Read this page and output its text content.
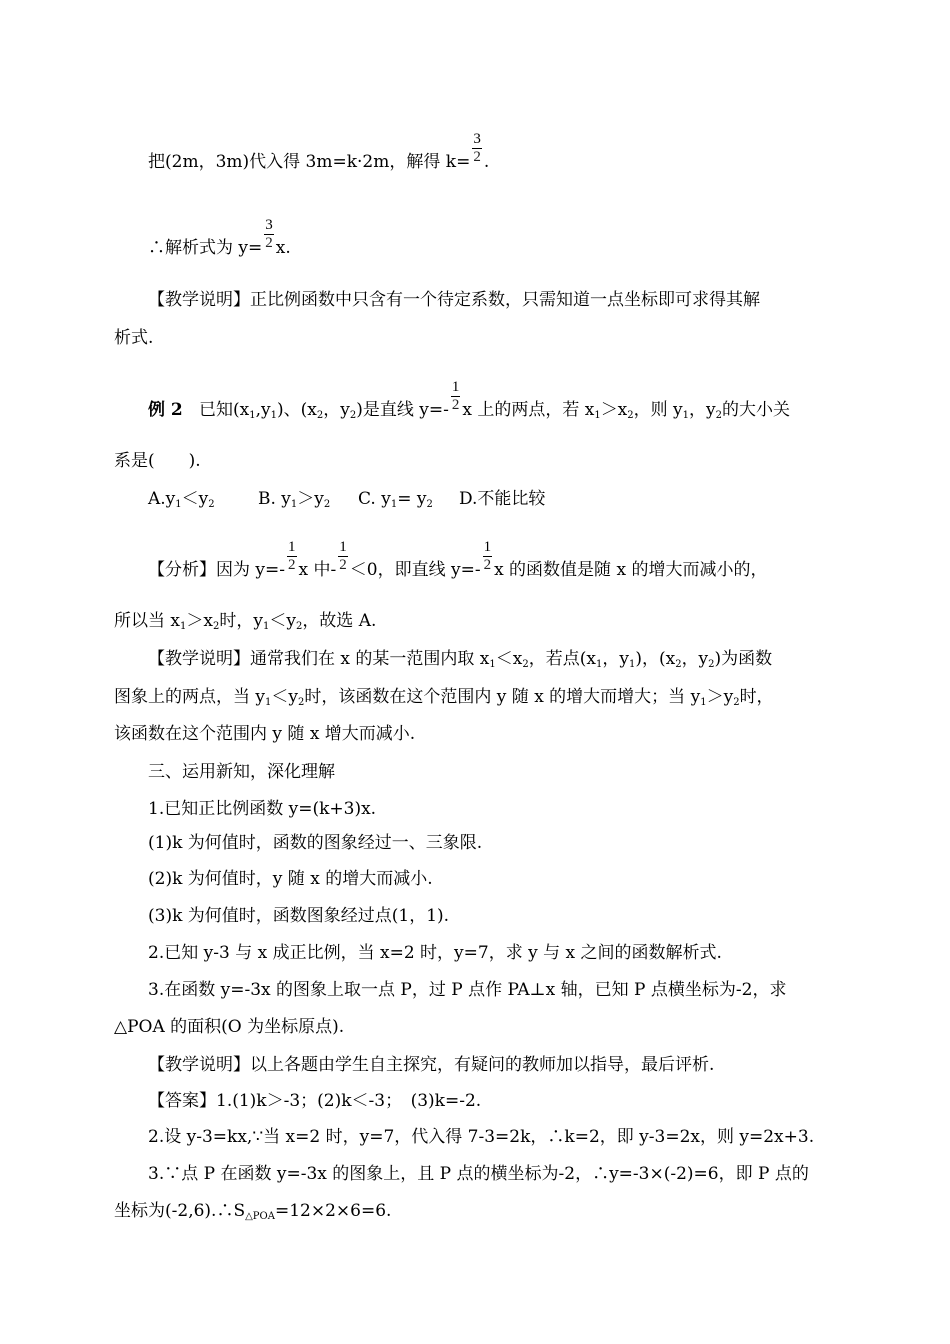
把(2m，3m)代入得 3m=k·2m，解得 $k= \frac{3}{2}$ .
∴解析式为 $y= \frac{3}{2} x$.
【教学说明】正比例函数中只含有一个待定系数，只需知道一点坐标即可求得其解
析式.
例 2 已知$(x_1,y_1)$、($x_2$，$y_2$)是直线 $y=- \frac{1}{2}$ x 上的两点，若 $x_1>x_2$，则 $y_1$，$y_2$的大小关
系是(　　).
$A.y_1<y_2$	B. $y_1>y_2$ C. $y_1= y_2$ D.不能比较
【分析】因为 $y=- \frac{1}{2}$ x 中- $\frac{1}{2} <0$，即直线 $y=- \frac{1}{2}$ x 的函数值是随 x 的增大而减小的，
所以当 $x_1>x_2$时，$y_1<y_2$，故选 A.
【教学说明】通常我们在 x 的某一范围内取 $x_1<x_2$，若点($x_1$，$y_1$)，($x_2$，$y_2$)为函数
图象上的两点，当 $y_1<y_2$时，该函数在这个范围内 y 随 x 的增大而增大；当 $y_1>y_2$时，
该函数在这个范围内 y 随 x 增大而减小.
三、运用新知，深化理解
1.已知正比例函数 y=(k+3)x.
(1)k 为何值时，函数的图象经过一、三象限.
(2)k 为何值时，y 随 x 的增大而减小.
(3)k 为何值时，函数图象经过点(1，1).
2.已知 y-3 与 x 成正比例，当 x=2 时，y=7，求 y 与 x 之间的函数解析式.
3.在函数 y=-3x 的图象上取一点 P，过 P 点作 PA⊥x 轴，已知 P 点横坐标为-2，求
△POA 的面积(O 为坐标原点).
【教学说明】以上各题由学生自主探究，有疑问的教师加以指导，最后评析.
【答案】1.(1)k＞-3；(2)k＜-3；　(3)k=-2.
2.设 y-3=kx,∵当 x=2 时，y=7，代入得 7-3=2k，∴k=2，即 y-3=2x，则 y=2x+3.
3.∵点 P 在函数 y=-3x 的图象上，且 P 点的横坐标为-2，∴y=-3×(-2)=6，即 P 点的
坐标为$(-2,6).\therefore S_{\triangle POA}=12\times 2\times 6=6$.
